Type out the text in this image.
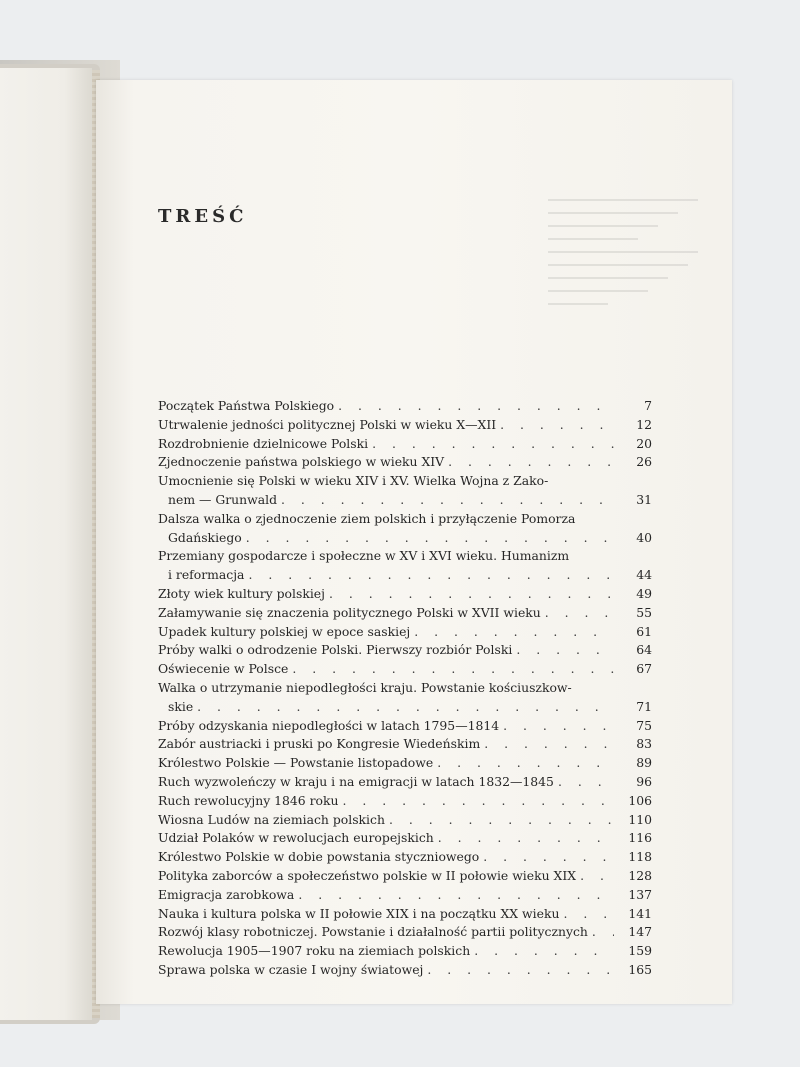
TREŚĆ
Początek Państwa Polskiego . . .	7
Utrwalenie jedności politycznej Polski w wieku X—XII . . .	12
Rozdrobnienie dzielnicowe Polski . . .	20
Zjednoczenie państwa polskiego w wieku XIV . . .	26
Umocnienie się Polski w wieku XIV i XV. Wielka Wojna z Zako-
nem — Grunwald . . .	31
Dalsza walka o zjednoczenie ziem polskich i przyłączenie Pomorza
Gdańskiego . . .	40
Przemiany gospodarcze i społeczne w XV i XVI wieku. Humanizm
i reformacja . . .	44
Złoty wiek kultury polskiej . . .	49
Załamywanie się znaczenia politycznego Polski w XVII wieku . . .	55
Upadek kultury polskiej w epoce saskiej . . .	61
Próby walki o odrodzenie Polski. Pierwszy rozbiór Polski . . .	64
Oświecenie w Polsce . . .	67
Walka o utrzymanie niepodległości kraju. Powstanie kościuszkow-
skie . . .	71
Próby odzyskania niepodległości w latach 1795—1814 . . .	75
Zabór austriacki i pruski po Kongresie Wiedeńskim . . .	83
Królestwo Polskie — Powstanie listopadowe . . .	89
Ruch wyzwoleńczy w kraju i na emigracji w latach 1832—1845 . . .	96
Ruch rewolucyjny 1846 roku . . .	106
Wiosna Ludów na ziemiach polskich . . .	110
Udział Polaków w rewolucjach europejskich . . .	116
Królestwo Polskie w dobie powstania styczniowego . . .	118
Polityka zaborców a społeczeństwo polskie w II połowie wieku XIX . . .	128
Emigracja zarobkowa . . .	137
Nauka i kultura polska w II połowie XIX i na początku XX wieku . . .	141
Rozwój klasy robotniczej. Powstanie i działalność partii politycznych . . .	147
Rewolucja 1905—1907 roku na ziemiach polskich . . .	159
Sprawa polska w czasie I wojny światowej . . .	165
